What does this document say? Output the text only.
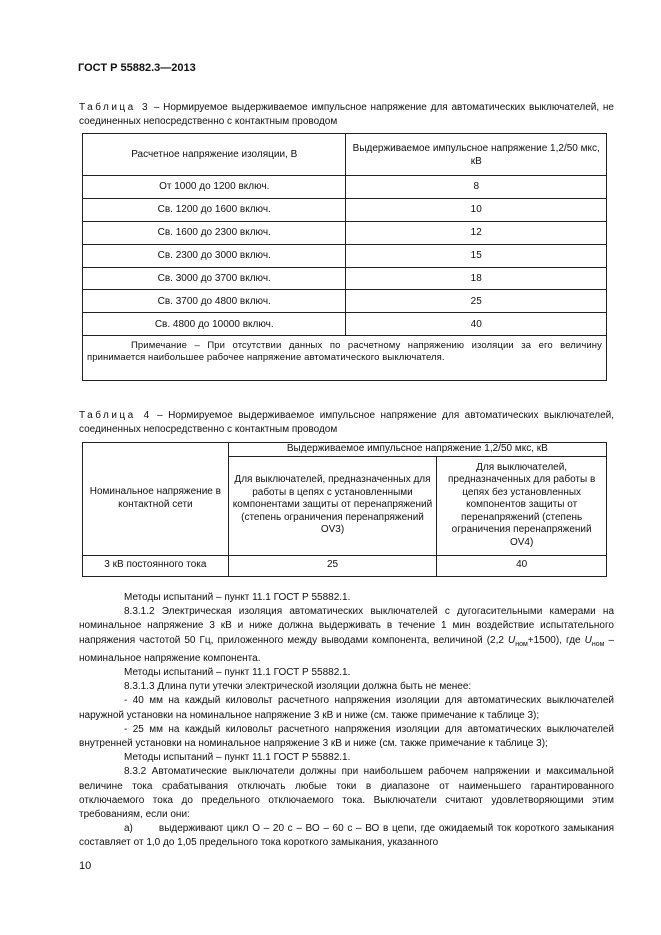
ГОСТ Р 55882.3—2013
Таблица 3 – Нормируемое выдерживаемое импульсное напряжение для автоматических выключателей, не соединенных непосредственно с контактным проводом
Расчетное напряжение изоляции, В	Выдерживаемое импульсное напряжение 1,2/50 мкс, кВ
От 1000 до 1200 включ.	8
Св. 1200 до 1600 включ.	10
Св. 1600 до 2300 включ.	12
Св. 2300 до 3000 включ.	15
Св. 3000 до 3700 включ.	18
Св. 3700 до 4800 включ.	25
Св. 4800 до 10000 включ.	40

Примечание – При отсутствии данных по расчетному напряжению изоляции за его величину принимается наибольшее рабочее напряжение автоматического выключателя.	
Таблица 4 – Нормируемое выдерживаемое импульсное напряжение для автоматических выключателей, соединенных непосредственно с контактным проводом
Номинальное напряжение в контактной сети	Выдерживаемое импульсное напряжение 1,2/50 мкс, кВ	
	Для выключателей, предназначенных для работы в цепях с установленными компонентами защиты от перенапряжений (степень ограничения перенапряжений OV3)	Для выключателей, предназначенных для работы в цепях без установленных компонентов защиты от перенапряжений (степень ограничения перенапряжений OV4)
3 кВ постоянного тока	25	40

Методы испытаний – пункт 11.1 ГОСТ Р 55882.1.

8.3.1.2 Электрическая изоляция автоматических выключателей с дугогасительными камерами на номинальное напряжение 3 кВ и ниже должна выдерживать в течение 1 мин воздействие испытательного напряжения частотой 50 Гц, приложенного между выводами компонента, величиной (2,2 $U_{ном}+1500$), где $U_{ном}$ – номинальное напряжение компонента.

Методы испытаний – пункт 11.1 ГОСТ Р 55882.1.

8.3.1.3 Длина пути утечки электрической изоляции должна быть не менее:

- 40 мм на каждый киловольт расчетного напряжения изоляции для автоматических выключателей наружной установки на номинальное напряжение 3 кВ и ниже (см. также примечание к таблице 3);

- 25 мм на каждый киловольт расчетного напряжения изоляции для автоматических выключателей внутренней установки на номинальное напряжение 3 кВ и ниже (см. также примечание к таблице 3);

Методы испытаний – пункт 11.1 ГОСТ Р 55882.1.

8.3.2 Автоматические выключатели должны при наибольшем рабочем напряжении и максимальной величине тока срабатывания отключать любые токи в диапазоне от наименьшего гарантированного отключаемого тока до предельного отключаемого тока. Выключатели считают удовлетворяющими этим требованиям, если они:

а)	выдерживают цикл О – 20 с – ВО – 60 с – ВО в цепи, где ожидаемый ток короткого замыкания составляет от 1,0 до 1,05 предельного тока короткого замыкания, указанного

10
